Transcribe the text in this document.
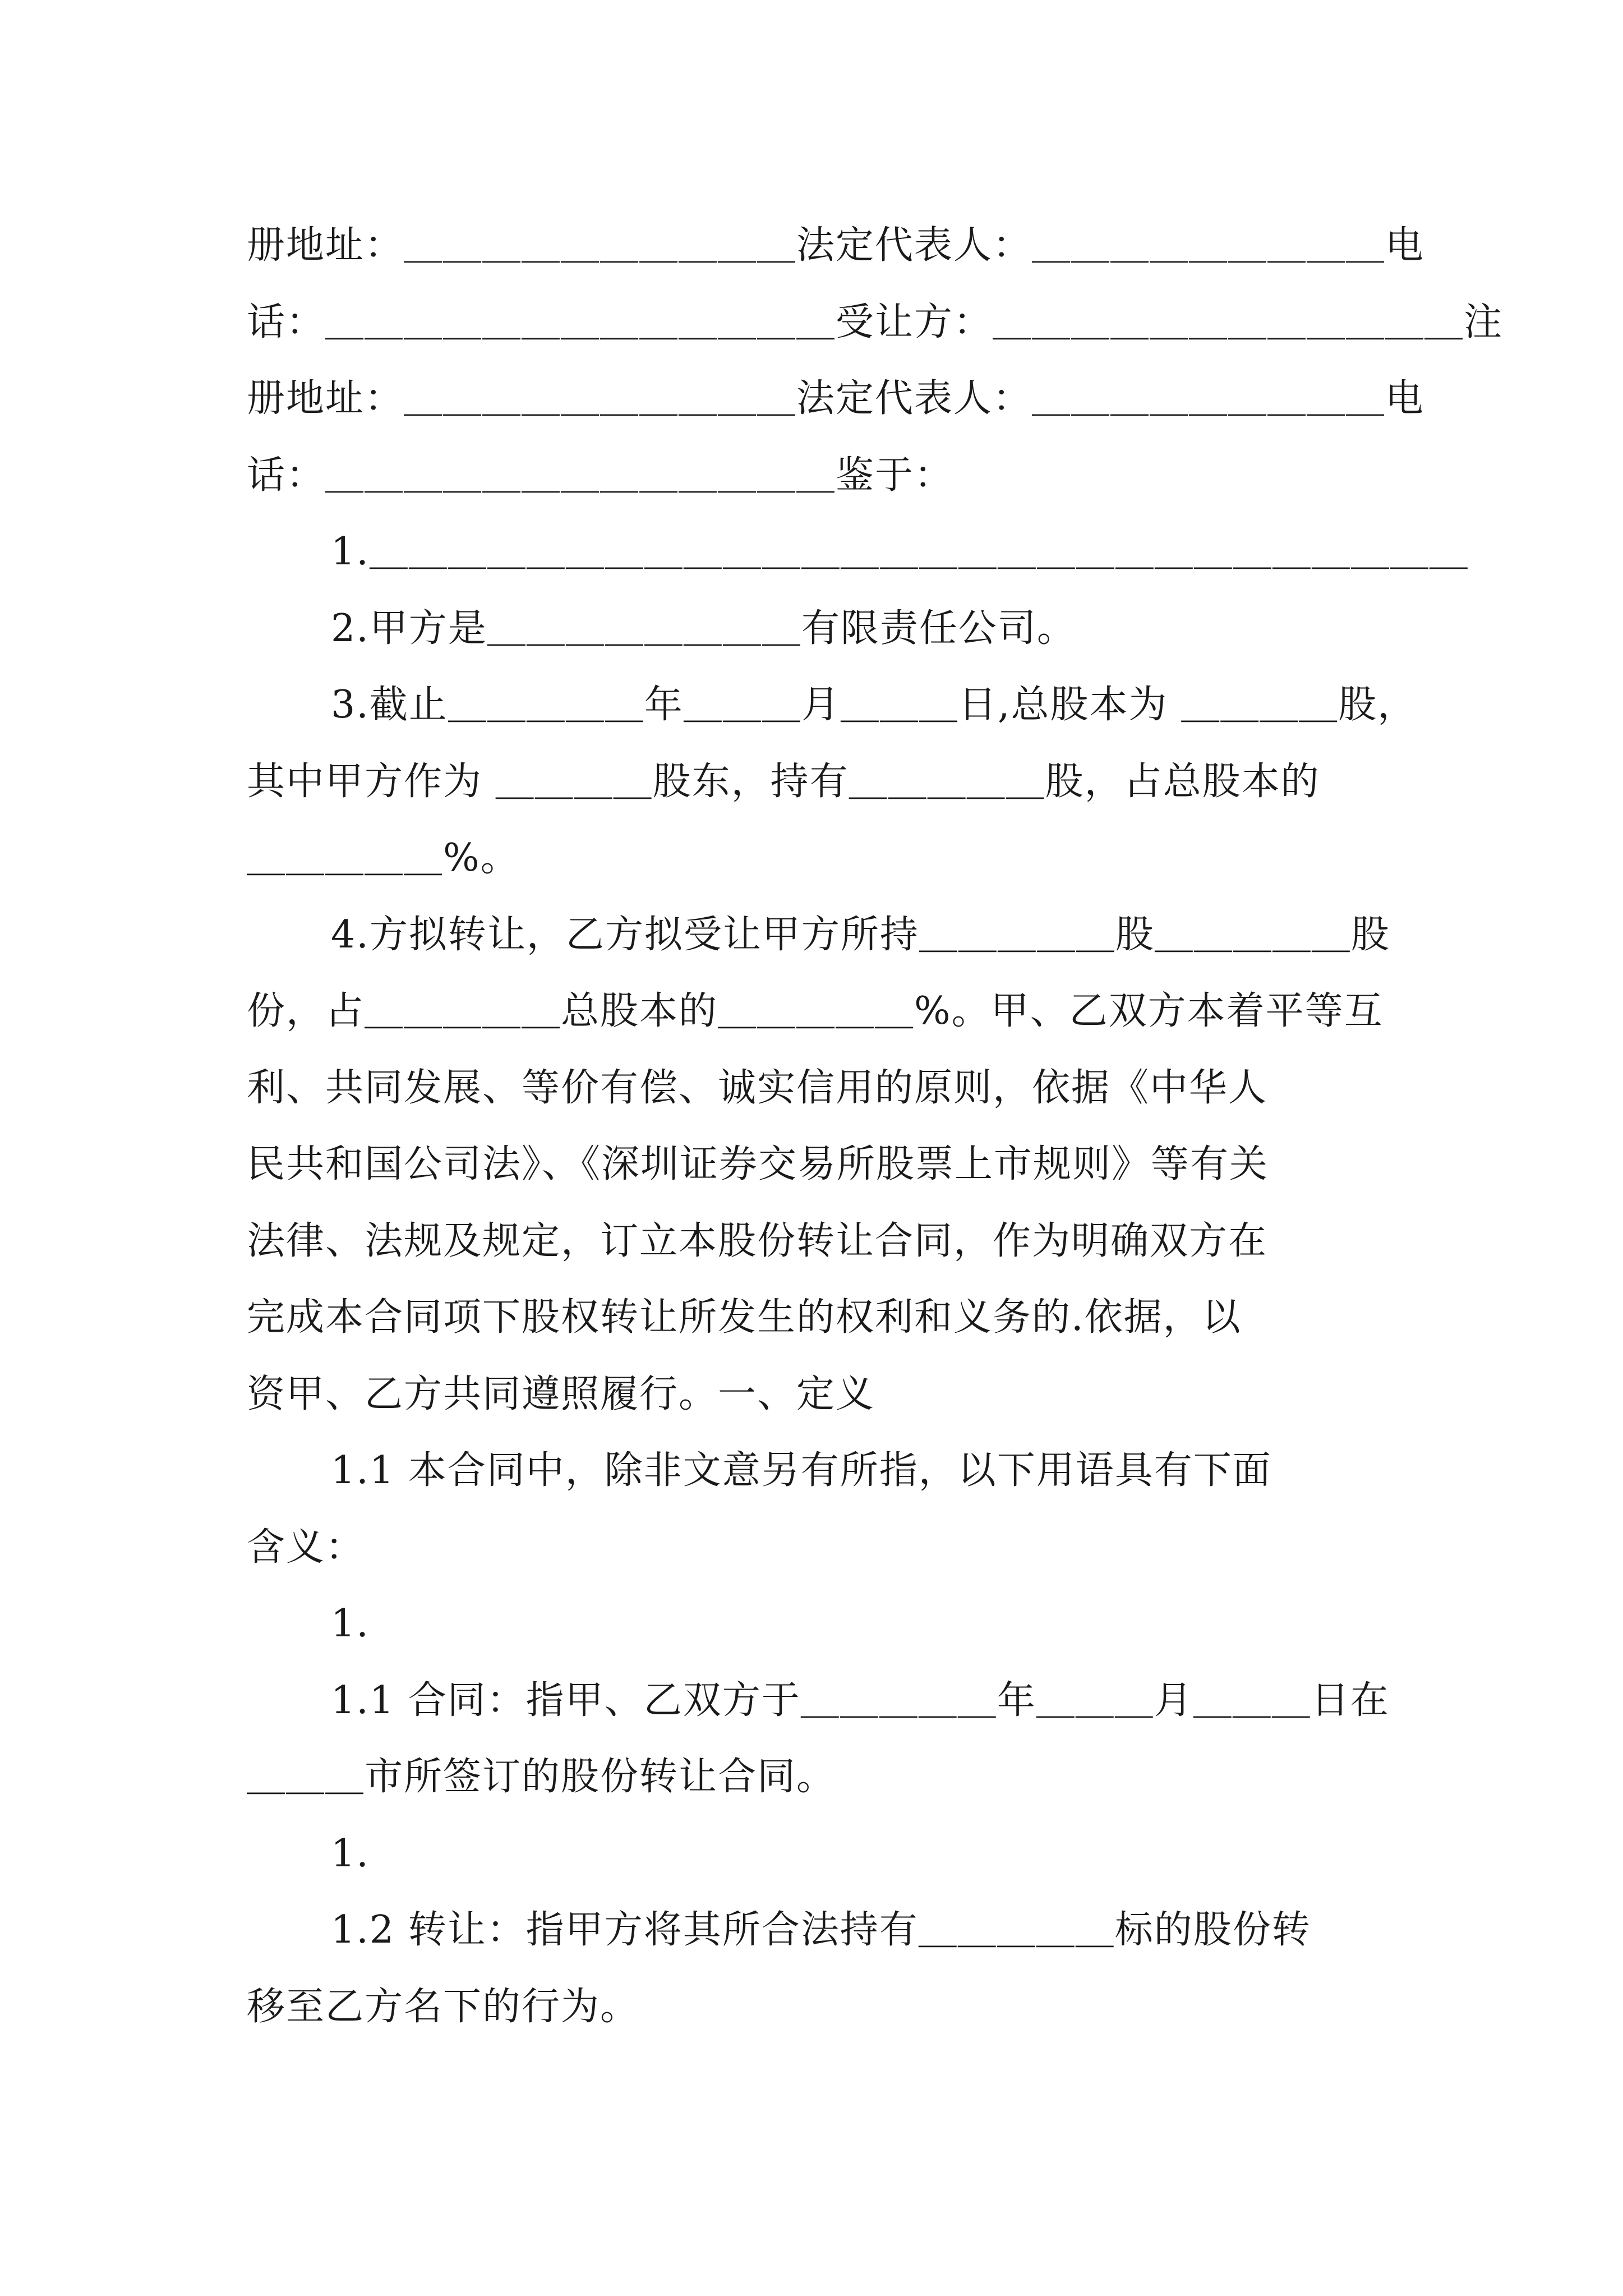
册地址：＿＿＿＿＿＿＿＿＿＿法定代表人：＿＿＿＿＿＿＿＿＿电
话：＿＿＿＿＿＿＿＿＿＿＿＿＿受让方：＿＿＿＿＿＿＿＿＿＿＿＿注
册地址：＿＿＿＿＿＿＿＿＿＿法定代表人：＿＿＿＿＿＿＿＿＿电
话：＿＿＿＿＿＿＿＿＿＿＿＿＿鉴于：
1.＿＿＿＿＿＿＿＿＿＿＿＿＿＿＿＿＿＿＿＿＿＿＿＿＿＿＿＿
2.甲方是＿＿＿＿＿＿＿＿有限责任公司。
3.截止＿＿＿＿＿年＿＿＿月＿＿＿日,总股本为 ＿＿＿＿股，
其中甲方作为 ＿＿＿＿股东，持有＿＿＿＿＿股，占总股本的
＿＿＿＿＿%。
4.方拟转让，乙方拟受让甲方所持＿＿＿＿＿股＿＿＿＿＿股
份，占＿＿＿＿＿总股本的＿＿＿＿＿%。甲、乙双方本着平等互
利、共同发展、等价有偿、诚实信用的原则，依据《中华人
民共和国公司法》、《深圳证券交易所股票上市规则》等有关
法律、法规及规定，订立本股份转让合同，作为明确双方在
完成本合同项下股权转让所发生的权利和义务的.依据，以
资甲、乙方共同遵照履行。一、定义
1.1 本合同中，除非文意另有所指，以下用语具有下面
含义：
1.
1.1 合同：指甲、乙双方于＿＿＿＿＿年＿＿＿月＿＿＿日在
＿＿＿市所签订的股份转让合同。
1.
1.2 转让：指甲方将其所合法持有＿＿＿＿＿标的股份转
移至乙方名下的行为。
